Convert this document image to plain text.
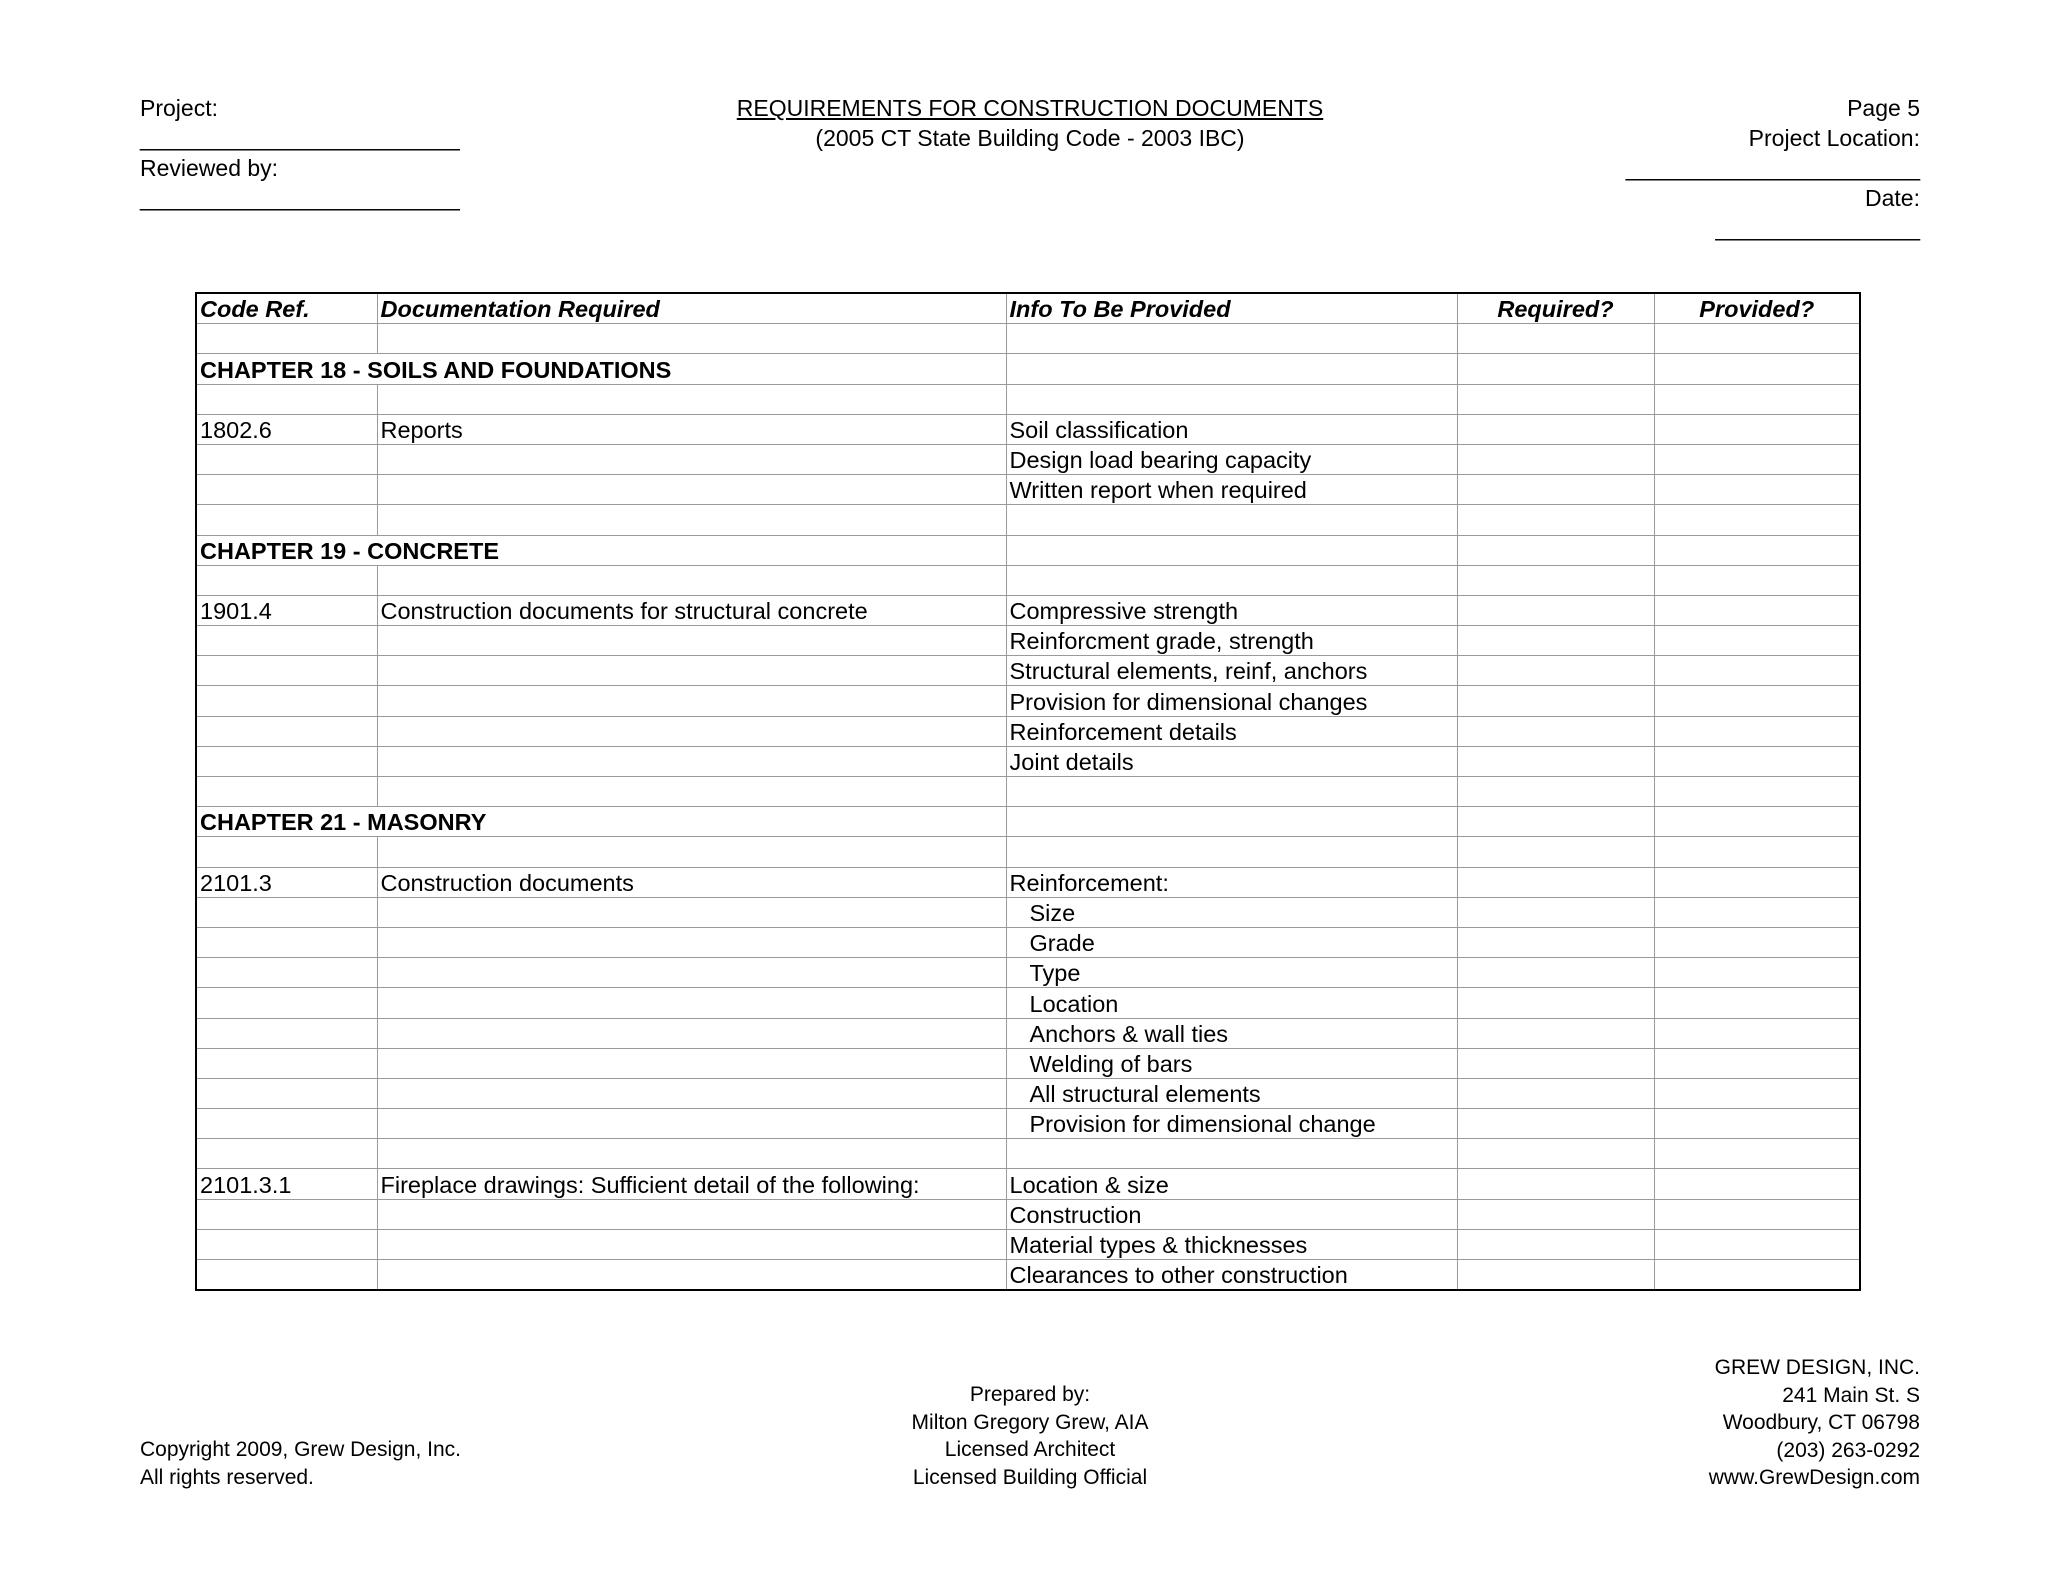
Project:
_________________________
Reviewed by:
_________________________
REQUIREMENTS FOR CONSTRUCTION DOCUMENTS
(2005 CT State Building Code - 2003 IBC)
Page 5
Project Location:
_______________________
Date:
________________
Code Ref.	Documentation Required	Info To Be Provided	Required?	Provided?

CHAPTER 18 - SOILS AND FOUNDATIONS				

1802.6	Reports	Soil classification		
		Design load bearing capacity		
		Written report when required		

CHAPTER 19 - CONCRETE				

1901.4	Construction documents for structural concrete	Compressive strength		
		Reinforcment grade, strength		
		Structural elements, reinf, anchors		
		Provision for dimensional changes		
		Reinforcement details		
		Joint details		

CHAPTER 21 - MASONRY				

2101.3	Construction documents	Reinforcement:		
		Size		
		Grade		
		Type		
		Location		
		Anchors & wall ties		
		Welding of bars		
		All structural elements		
		Provision for dimensional change		

2101.3.1	Fireplace drawings: Sufficient detail of the following:	Location & size		
		Construction		
		Material types & thicknesses		
		Clearances to other construction		
Copyright 2009, Grew Design, Inc.
All rights reserved.
Prepared by:
Milton Gregory Grew, AIA
Licensed Architect
Licensed Building Official
GREW DESIGN, INC.
241 Main St. S
Woodbury, CT 06798
(203) 263-0292
www.GrewDesign.com
